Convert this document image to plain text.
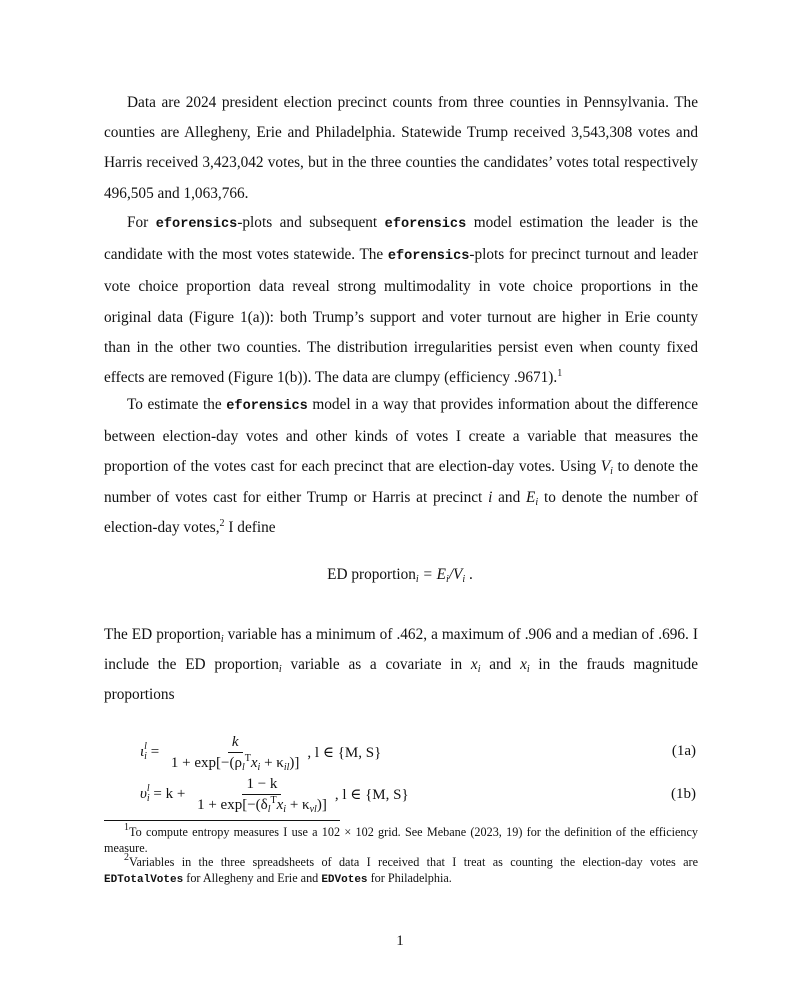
Data are 2024 president election precinct counts from three counties in Pennsylvania. The counties are Allegheny, Erie and Philadelphia. Statewide Trump received 3,543,308 votes and Harris received 3,423,042 votes, but in the three counties the candidates’ votes total respectively 496,505 and 1,063,766.

For eforensics-plots and subsequent eforensics model estimation the leader is the candidate with the most votes statewide. The eforensics-plots for precinct turnout and leader vote choice proportion data reveal strong multimodality in vote choice proportions in the original data (Figure 1(a)): both Trump’s support and voter turnout are higher in Erie county than in the other two counties. The distribution irregularities persist even when county fixed effects are removed (Figure 1(b)). The data are clumpy (efficiency .9671).$^1$

To estimate the eforensics model in a way that provides information about the difference between election-day votes and other kinds of votes I create a variable that measures the proportion of the votes cast for each precinct that are election-day votes. Using $V_i$ to denote the number of votes cast for either Trump or Harris at precinct i and $E_i$ to denote the number of election-day votes,$^2$ I define

ED proportion$_i$ = $E_i/V_i$ .

The ED proportion$_i$ variable has a minimum of .462, a maximum of .906 and a median of .696. I include the ED proportion$_i$ variable as a covariate in $x_i$ and $x_i$ in the frauds magnitude proportions

ι l
$i = \frac{k}{1 + \exp[-(\rho_l^Tx_i + \kappa_{il})]}$ , l ∈ {M, S}	(1a)
υ l
$i = k + \frac{1 - k}{1 + \exp[-(\delta_l^Tx_i + \kappa_{vl})]}$ , l ∈ {M, S}	(1b)

$^1$To compute entropy measures I use a 102 × 102 grid. See Mebane (2023, 19) for the definition of the efficiency measure.

$^2$Variables in the three spreadsheets of data I received that I treat as counting the election-day votes are EDTotalVotes for Allegheny and Erie and EDVotes for Philadelphia.

1
